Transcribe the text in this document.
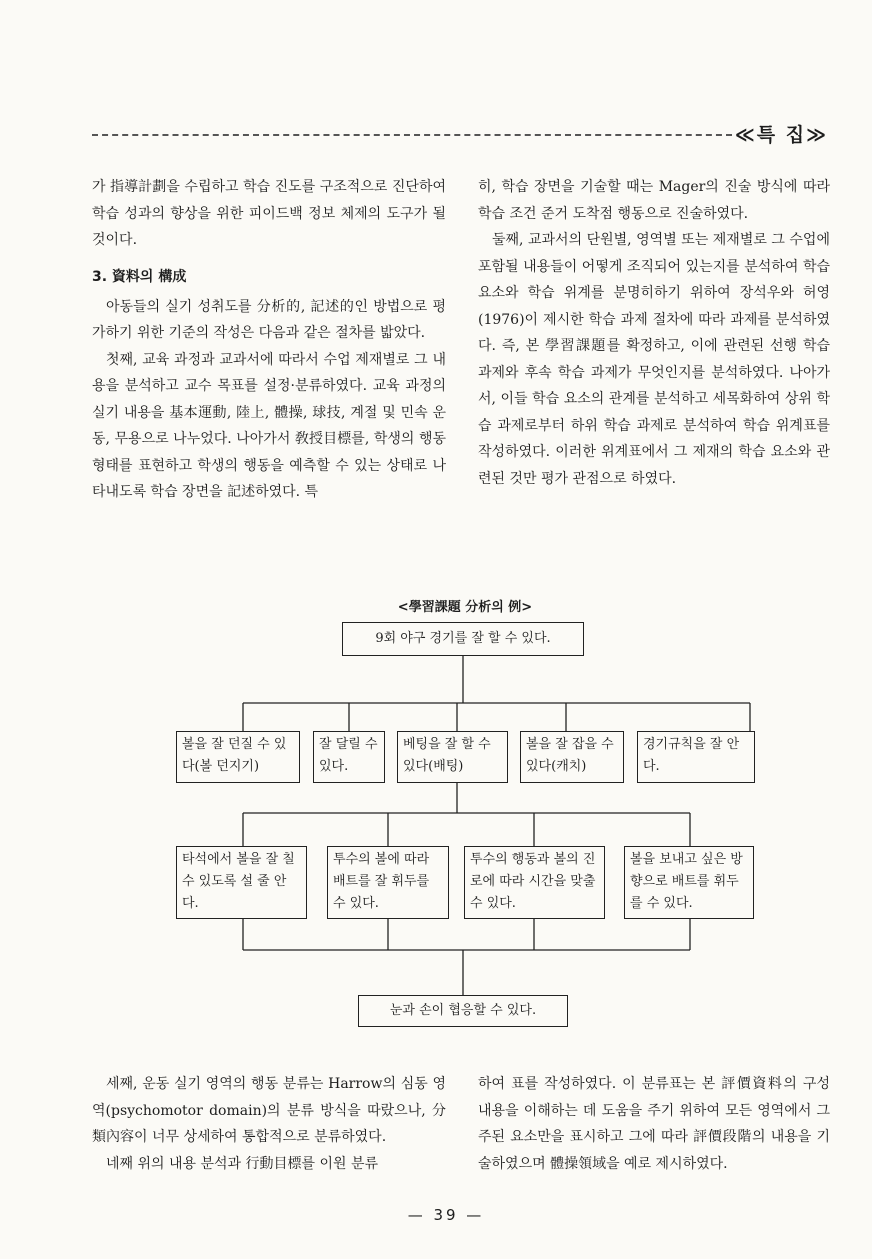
≪특 집≫

가 指導計劃을 수립하고 학습 진도를 구조적으로 진단하여 학습 성과의 향상을 위한 피이드백 정보 체제의 도구가 될 것이다.

3. 資料의 構成

아동들의 실기 성취도를 分析的, 記述的인 방법으로 평가하기 위한 기준의 작성은 다음과 같은 절차를 밟았다.

첫째, 교육 과정과 교과서에 따라서 수업 제재별로 그 내용을 분석하고 교수 목표를 설정·분류하였다. 교육 과정의 실기 내용을 基本運動, 陸上, 體操, 球技, 계절 및 민속 운동, 무용으로 나누었다. 나아가서 敎授目標를, 학생의 행동형태를 표현하고 학생의 행동을 예측할 수 있는 상태로 나타내도록 학습 장면을 記述하였다. 특

히, 학습 장면을 기술할 때는 Mager의 진술 방식에 따라 학습 조건 준거 도착점 행동으로 진술하였다.

둘째, 교과서의 단원별, 영역별 또는 제재별로 그 수업에 포함될 내용들이 어떻게 조직되어 있는지를 분석하여 학습 요소와 학습 위계를 분명히하기 위하여 장석우와 허영(1976)이 제시한 학습 과제 절차에 따라 과제를 분석하였다. 즉, 본 學習課題를 확정하고, 이에 관련된 선행 학습 과제와 후속 학습 과제가 무엇인지를 분석하였다. 나아가서, 이들 학습 요소의 관계를 분석하고 세목화하여 상위 학습 과제로부터 하위 학습 과제로 분석하여 학습 위계표를 작성하였다. 이러한 위계표에서 그 제재의 학습 요소와 관련된 것만 평가 관점으로 하였다.

<學習課題 分析의 例>
9회 야구 경기를 잘 할 수 있다.
볼을 잘 던질 수 있다(볼 던지기)
잘 달릴 수 있다.
베팅을 잘 할 수 있다(배팅)
볼을 잘 잡을 수 있다(캐치)
경기규칙을 잘 안다.
타석에서 볼을 잘 칠 수 있도록 설 줄 안다.
투수의 볼에 따라 배트를 잘 휘두를 수 있다.
투수의 행동과 볼의 진로에 따라 시간을 맞출 수 있다.
볼을 보내고 싶은 방향으로 배트를 휘두를 수 있다.
눈과 손이 협응할 수 있다.

세째, 운동 실기 영역의 행동 분류는 Harrow의 심동 영역(psychomotor domain)의 분류 방식을 따랐으나, 分類內容이 너무 상세하여 통합적으로 분류하였다.

네째 위의 내용 분석과 行動目標를 이원 분류

하여 표를 작성하였다. 이 분류표는 본 評價資料의 구성 내용을 이해하는 데 도움을 주기 위하여 모든 영역에서 그 주된 요소만을 표시하고 그에 따라 評價段階의 내용을 기술하였으며 體操領域을 예로 제시하였다.

— 39 —
